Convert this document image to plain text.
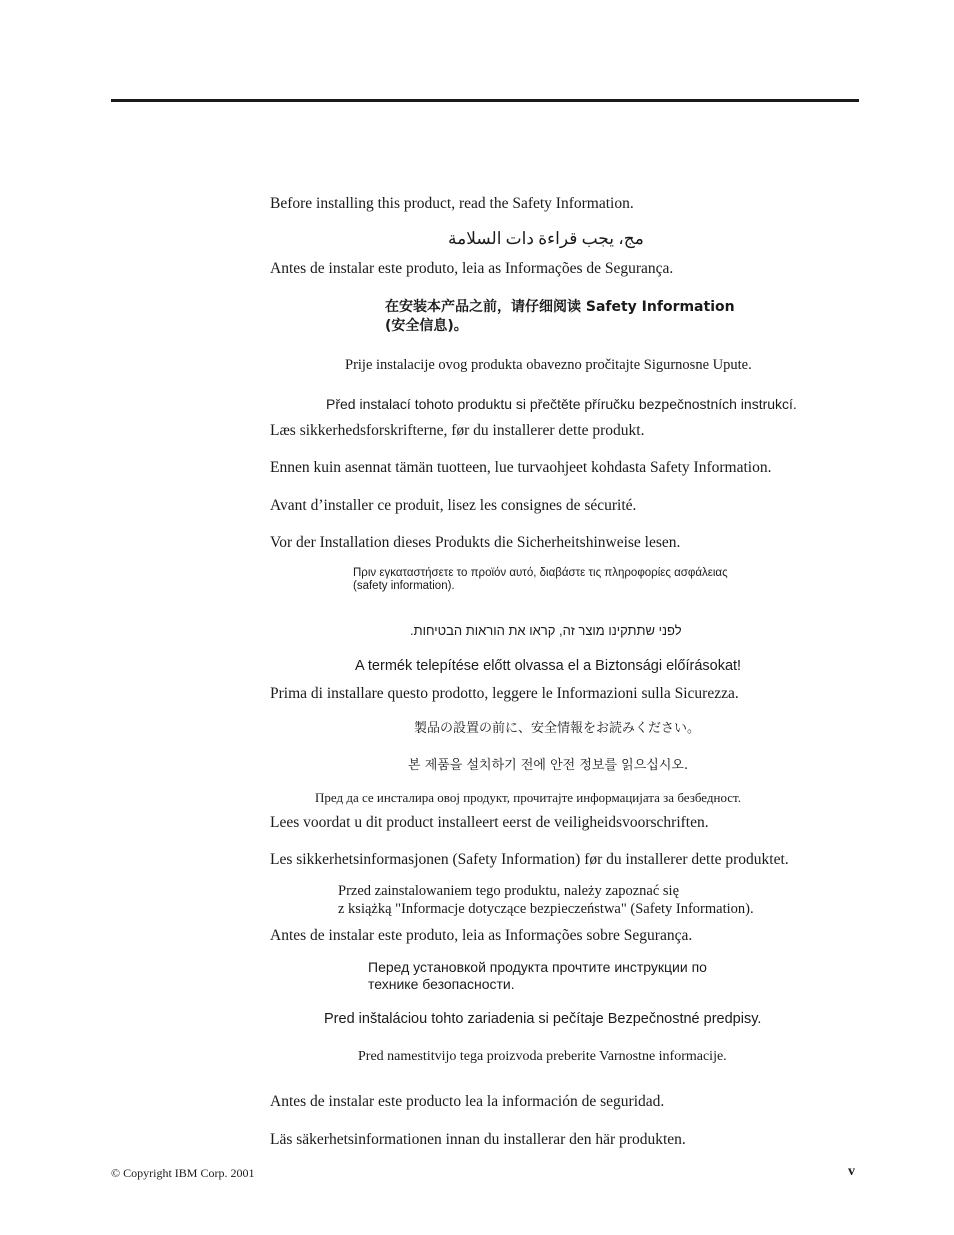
Before installing this product, read the Safety Information.
مج، يجب قراءة دات السلامة
Antes de instalar este produto, leia as Informações de Segurança.
在安装本产品之前，请仔细阅读 Safety Information
(安全信息)。
Prije instalacije ovog produkta obavezno pročitajte Sigurnosne Upute.
Před instalací tohoto produktu si přečtěte příručku bezpečnostních instrukcí.
Læs sikkerhedsforskrifterne, før du installerer dette produkt.
Ennen kuin asennat tämän tuotteen, lue turvaohjeet kohdasta Safety Information.
Avant d’installer ce produit, lisez les consignes de sécurité.
Vor der Installation dieses Produkts die Sicherheitshinweise lesen.
Πριν εγκαταστήσετε το προϊόν αυτό, διαβάστε τις πληροφορίες ασφάλειας
(safety information).
לפני שתתקינו מוצר זה, קראו את הוראות הבטיחות.
A termék telepítése előtt olvassa el a Biztonsági előírásokat!
Prima di installare questo prodotto, leggere le Informazioni sulla Sicurezza.
製品の設置の前に、安全情報をお読みください。
본 제품을 설치하기 전에 안전 정보를 읽으십시오.
Пред да се инсталира овој продукт, прочитајте информацијата за безбедност.
Lees voordat u dit product installeert eerst de veiligheidsvoorschriften.
Les sikkerhetsinformasjonen (Safety Information) før du installerer dette produktet.
Przed zainstalowaniem tego produktu, należy zapoznać się
z książką "Informacje dotyczące bezpieczeństwa" (Safety Information).
Antes de instalar este produto, leia as Informações sobre Segurança.
Перед установкой продукта прочтите инструкции по
технике безопасности.
Pred inštaláciou tohto zariadenia si pečítaje Bezpečnostné predpisy.
Pred namestitvijo tega proizvoda preberite Varnostne informacije.
Antes de instalar este producto lea la información de seguridad.
Läs säkerhetsinformationen innan du installerar den här produkten.
© Copyright IBM Corp. 2001	v
